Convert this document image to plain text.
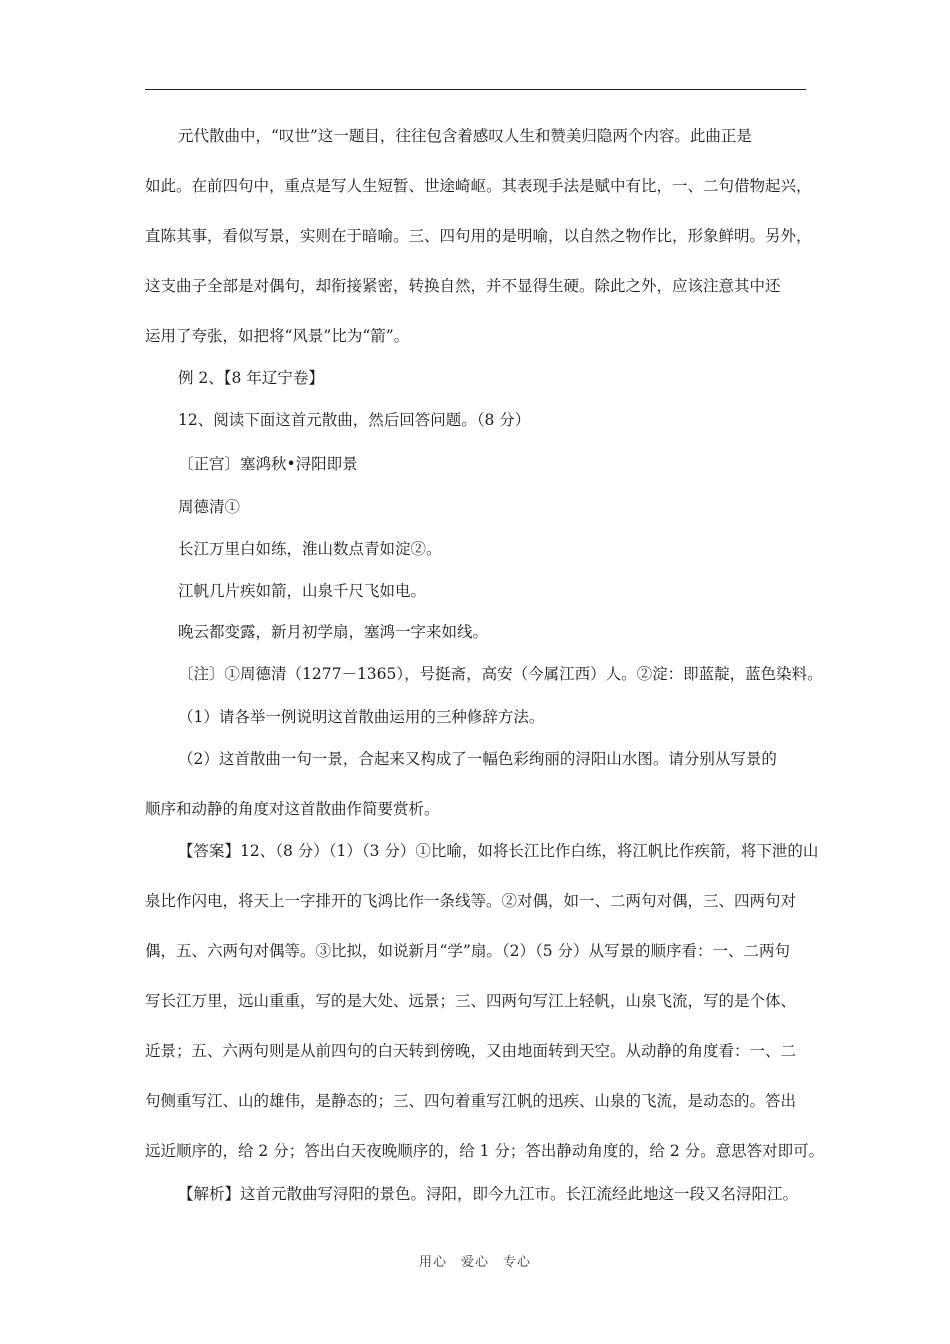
元代散曲中，“叹世”这一题目，往往包含着感叹人生和赞美归隐两个内容。此曲正是
如此。在前四句中，重点是写人生短暂、世途崎岖。其表现手法是赋中有比，一、二句借物起兴，
直陈其事，看似写景，实则在于暗喻。三、四句用的是明喻，以自然之物作比，形象鲜明。另外，
这支曲子全部是对偶句，却衔接紧密，转换自然，并不显得生硬。除此之外，应该注意其中还
运用了夸张，如把将“风景”比为“箭”。
例 2、【8 年辽宁卷】
12、阅读下面这首元散曲，然后回答问题。（8 分）
〔正宫〕塞鸿秋•浔阳即景
周德清①
长江万里白如练，淮山数点青如淀②。
江帆几片疾如箭，山泉千尺飞如电。
晚云都变露，新月初学扇，塞鸿一字来如线。
〔注〕①周德清（1277－1365），号挺斋，高安（今属江西）人。②淀：即蓝靛，蓝色染料。
（1）请各举一例说明这首散曲运用的三种修辞方法。
（2）这首散曲一句一景，合起来又构成了一幅色彩绚丽的浔阳山水图。请分别从写景的
顺序和动静的角度对这首散曲作简要赏析。
【答案】12、（8 分）（1）（3 分）①比喻，如将长江比作白练，将江帆比作疾箭，将下泄的山
泉比作闪电，将天上一字排开的飞鸿比作一条线等。②对偶，如一、二两句对偶，三、四两句对
偶，五、六两句对偶等。③比拟，如说新月“学”扇。（2）（5 分）从写景的顺序看：一、二两句
写长江万里，远山重重，写的是大处、远景；三、四两句写江上轻帆，山泉飞流，写的是个体、
近景；五、六两句则是从前四句的白天转到傍晚，又由地面转到天空。从动静的角度看：一、二
句侧重写江、山的雄伟，是静态的；三、四句着重写江帆的迅疾、山泉的飞流，是动态的。答出
远近顺序的，给 2 分；答出白天夜晚顺序的，给 1 分；答出静动角度的，给 2 分。意思答对即可。
【解析】这首元散曲写浔阳的景色。浔阳，即今九江市。长江流经此地这一段又名浔阳江。
用心　爱心　专心
